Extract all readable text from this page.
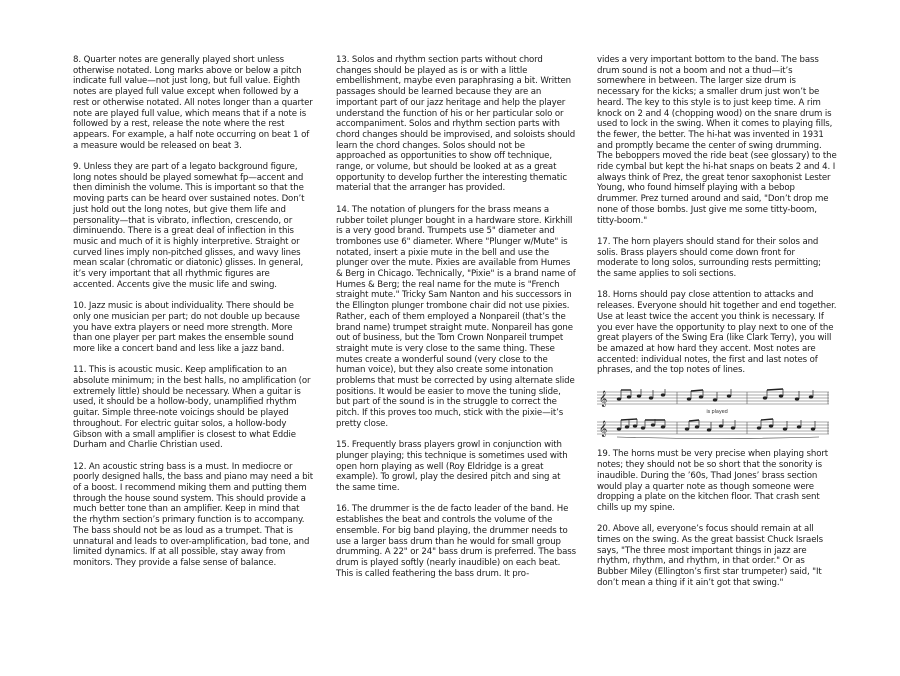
8. Quarter notes are generally played short unless otherwise notated. Long marks above or below a pitch indicate full value—not just long, but full value. Eighth notes are played full value except when followed by a rest or otherwise notated. All notes longer than a quarter note are played full value, which means that if a note is followed by a rest, release the note where the rest appears. For example, a half note occurring on beat 1 of a measure would be released on beat 3.

9. Unless they are part of a legato background figure, long notes should be played somewhat fp—accent and then diminish the volume. This is important so that the moving parts can be heard over sustained notes. Don’t just hold out the long notes, but give them life and personality—that is vibrato, inflection, crescendo, or diminuendo. There is a great deal of inflection in this music and much of it is highly interpretive. Straight or curved lines imply non-pitched glisses, and wavy lines mean scalar (chromatic or diatonic) glisses. In general, it’s very important that all rhythmic figures are accented. Accents give the music life and swing.

10. Jazz music is about individuality. There should be only one musician per part; do not double up because you have extra players or need more strength. More than one player per part makes the ensemble sound more like a concert band and less like a jazz band.

11. This is acoustic music. Keep amplification to an absolute minimum; in the best halls, no amplification (or extremely little) should be necessary. When a guitar is used, it should be a hollow-body, unamplified rhythm guitar. Simple three-note voicings should be played throughout. For electric guitar solos, a hollow-body Gibson with a small amplifier is closest to what Eddie Durham and Charlie Christian used.

12. An acoustic string bass is a must. In mediocre or poorly designed halls, the bass and piano may need a bit of a boost. I recommend miking them and putting them through the house sound system. This should provide a much better tone than an amplifier. Keep in mind that the rhythm section’s primary function is to accompany. The bass should not be as loud as a trumpet. That is unnatural and leads to over-amplification, bad tone, and limited dynamics. If at all possible, stay away from monitors. They provide a false sense of balance.

13. Solos and rhythm section parts without chord changes should be played as is or with a little embellishment, maybe even paraphrasing a bit. Written passages should be learned because they are an important part of our jazz heritage and help the player understand the function of his or her particular solo or accompaniment. Solos and rhythm section parts with chord changes should be improvised, and soloists should learn the chord changes. Solos should not be approached as opportunities to show off technique, range, or volume, but should be looked at as a great opportunity to develop further the interesting thematic material that the arranger has provided.

14. The notation of plungers for the brass means a rubber toilet plunger bought in a hardware store. Kirkhill is a very good brand. Trumpets use 5" diameter and trombones use 6" diameter. Where "Plunger w/Mute" is notated, insert a pixie mute in the bell and use the plunger over the mute. Pixies are available from Humes & Berg in Chicago. Technically, "Pixie" is a brand name of Humes & Berg; the real name for the mute is "French straight mute." Tricky Sam Nanton and his successors in the Ellington plunger trombone chair did not use pixies. Rather, each of them employed a Nonpareil (that’s the brand name) trumpet straight mute. Nonpareil has gone out of business, but the Tom Crown Nonpareil trumpet straight mute is very close to the same thing. These mutes create a wonderful sound (very close to the human voice), but they also create some intonation problems that must be corrected by using alternate slide positions. It would be easier to move the tuning slide, but part of the sound is in the struggle to correct the pitch. If this proves too much, stick with the pixie—it’s pretty close.

15. Frequently brass players growl in conjunction with plunger playing; this technique is sometimes used with open horn playing as well (Roy Eldridge is a great example). To growl, play the desired pitch and sing at the same time.

16. The drummer is the de facto leader of the band. He establishes the beat and controls the volume of the ensemble. For big band playing, the drummer needs to use a larger bass drum than he would for small group drumming. A 22" or 24" bass drum is preferred. The bass drum is played softly (nearly inaudible) on each beat. This is called feathering the bass drum. It pro-

vides a very important bottom to the band. The bass drum sound is not a boom and not a thud—it’s somewhere in between. The larger size drum is necessary for the kicks; a smaller drum just won’t be heard. The key to this style is to just keep time. A rim knock on 2 and 4 (chopping wood) on the snare drum is used to lock in the swing. When it comes to playing fills, the fewer, the better. The hi-hat was invented in 1931 and promptly became the center of swing drumming. The beboppers moved the ride beat (see glossary) to the ride cymbal but kept the hi-hat snaps on beats 2 and 4. I always think of Prez, the great tenor saxophonist Lester Young, who found himself playing with a bebop drummer. Prez turned around and said, "Don’t drop me none of those bombs. Just give me some titty-boom, titty-boom."

17. The horn players should stand for their solos and solis. Brass players should come down front for moderate to long solos, surrounding rests permitting; the same applies to soli sections.

18. Horns should pay close attention to attacks and releases. Everyone should hit together and end together. Use at least twice the accent you think is necessary. If you ever have the opportunity to play next to one of the great players of the Swing Era (like Clark Terry), you will be amazed at how hard they accent. Most notes are accented: individual notes, the first and last notes of phrases, and the top notes of lines.

𝄞
is played
𝄞

19. The horns must be very precise when playing short notes; they should not be so short that the sonority is inaudible. During the ’60s, Thad Jones’ brass section would play a quarter note as though someone were dropping a plate on the kitchen floor. That crash sent chills up my spine.

20. Above all, everyone’s focus should remain at all times on the swing. As the great bassist Chuck Israels says, "The three most important things in jazz are rhythm, rhythm, and rhythm, in that order." Or as Bubber Miley (Ellington’s first star trumpeter) said, "It don’t mean a thing if it ain’t got that swing."
